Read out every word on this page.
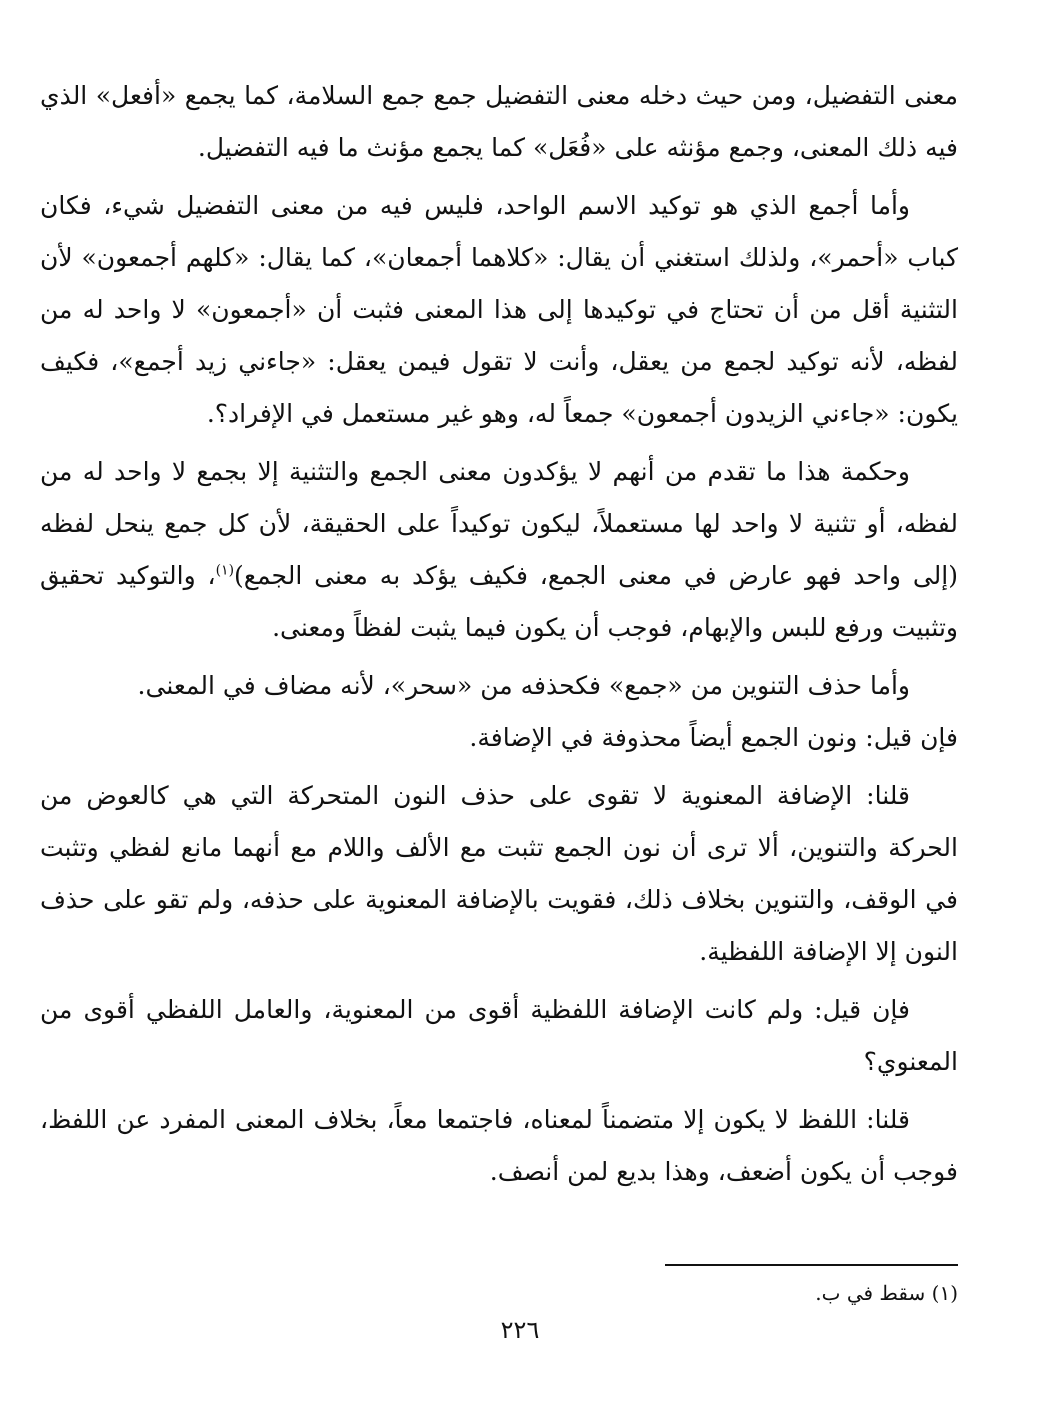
معنى التفضيل، ومن حيث دخله معنى التفضيل جمع جمع السلامة، كما يجمع «أفعل» الذي فيه ذلك المعنى، وجمع مؤنثه على «فُعَل» كما يجمع مؤنث ما فيه التفضيل.

وأما أجمع الذي هو توكيد الاسم الواحد، فليس فيه من معنى التفضيل شيء، فكان كباب «أحمر»، ولذلك استغني أن يقال: «كلاهما أجمعان»، كما يقال: «كلهم أجمعون» لأن التثنية أقل من أن تحتاج في توكيدها إلى هذا المعنى فثبت أن «أجمعون» لا واحد له من لفظه، لأنه توكيد لجمع من يعقل، وأنت لا تقول فيمن يعقل: «جاءني زيد أجمع»، فكيف يكون: «جاءني الزيدون أجمعون» جمعاً له، وهو غير مستعمل في الإفراد؟.

وحكمة هذا ما تقدم من أنهم لا يؤكدون معنى الجمع والتثنية إلا بجمع لا واحد له من لفظه، أو تثنية لا واحد لها مستعملاً، ليكون توكيداً على الحقيقة، لأن كل جمع ينحل لفظه (إلى واحد فهو عارض في معنى الجمع، فكيف يؤكد به معنى الجمع)$^{(١)}$، والتوكيد تحقيق وتثبيت ورفع للبس والإبهام، فوجب أن يكون فيما يثبت لفظاً ومعنى.

وأما حذف التنوين من «جمع» فكحذفه من «سحر»، لأنه مضاف في المعنى.

فإن قيل: ونون الجمع أيضاً محذوفة في الإضافة.

قلنا: الإضافة المعنوية لا تقوى على حذف النون المتحركة التي هي كالعوض من الحركة والتنوين، ألا ترى أن نون الجمع تثبت مع الألف واللام مع أنهما مانع لفظي وتثبت في الوقف، والتنوين بخلاف ذلك، فقويت بالإضافة المعنوية على حذفه، ولم تقو على حذف النون إلا الإضافة اللفظية.

فإن قيل: ولم كانت الإضافة اللفظية أقوى من المعنوية، والعامل اللفظي أقوى من المعنوي؟

قلنا: اللفظ لا يكون إلا متضمناً لمعناه، فاجتمعا معاً، بخلاف المعنى المفرد عن اللفظ، فوجب أن يكون أضعف، وهذا بديع لمن أنصف.

(١) سقط في ب.
٢٢٦
